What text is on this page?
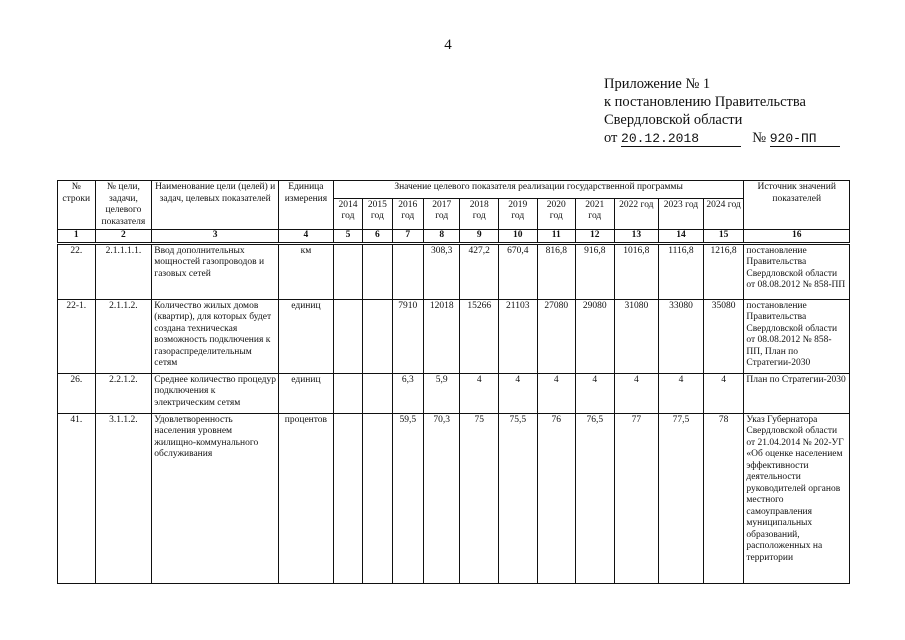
4
Приложение № 1
к постановлению Правительства
Свердловской области
от 20.12.2018	№ 920-ПП
№ строки	№ цели, задачи, целевого показателя	Наименование цели (целей) и задач, целевых показателей	Единица измерения	Значение целевого показателя реализации государственной программы											Источник значений показателей
				2014 год	2015 год	2016 год	2017 год	2018 год	2019 год	2020 год	2021 год	2022 год	2023 год	2024 год	
1	2	3	4	5	6	7	8	9	10	11	12	13	14	15	16
22.	2.1.1.1.1.	Ввод дополнительных мощностей газопроводов и газовых сетей	км				308,3	427,2	670,4	816,8	916,8	1016,8	1116,8	1216,8	постановление Правительства Свердловской области от 08.08.2012 № 858-ПП
22-1.	2.1.1.2.	Количество жилых домов (квартир), для которых будет создана техническая возможность подключения к газораспределительным сетям	единиц			7910	12018	15266	21103	27080	29080	31080	33080	35080	постановление Правительства Свердловской области от 08.08.2012 № 858-ПП, План по Стратегии-2030
26.	2.2.1.2.	Среднее количество процедур подключения к электрическим сетям	единиц			6,3	5,9	4	4	4	4	4	4	4	План по Стратегии-2030
41.	3.1.1.2.	Удовлетворенность населения уровнем жилищно-коммунального обслуживания	процентов			59,5	70,3	75	75,5	76	76,5	77	77,5	78	Указ Губернатора Свердловской области от 21.04.2014 № 202-УГ «Об оценке населением эффективности деятельности руководителей органов местного самоуправления муниципальных образований, расположенных на территории
